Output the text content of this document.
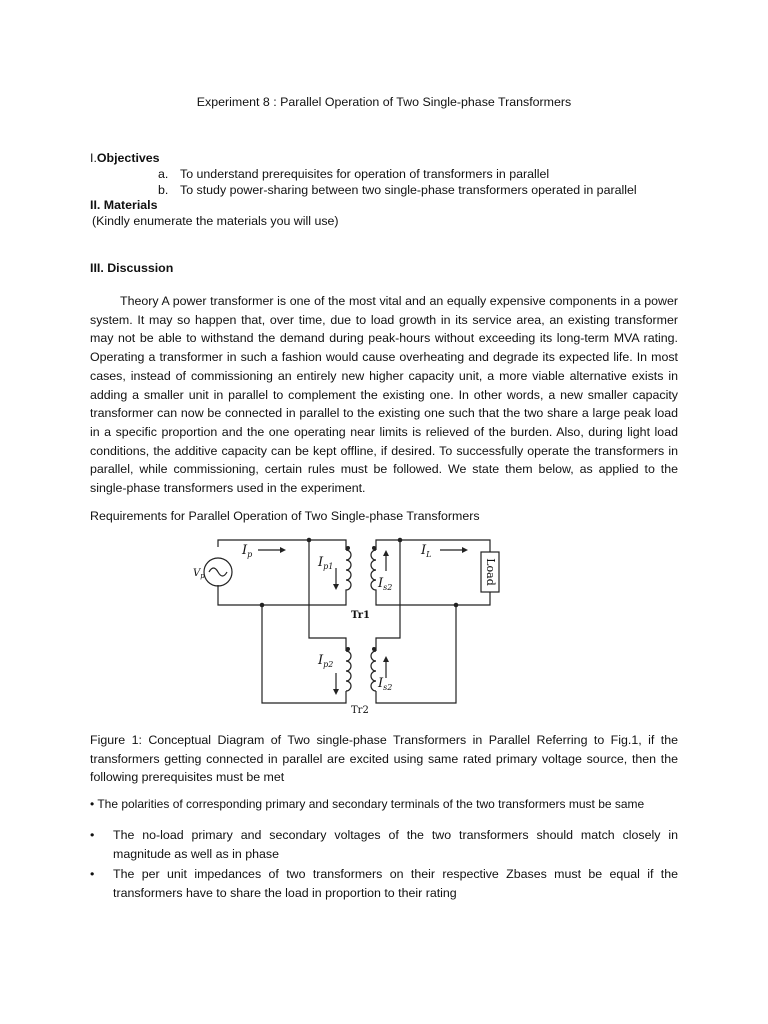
Experiment 8 : Parallel Operation of Two Single-phase Transformers
I.Objectives
a. To understand prerequisites for operation of transformers in parallel
b. To study power-sharing between two single-phase transformers operated in parallel
II. Materials
(Kindly enumerate the materials you will use)
III. Discussion
Theory A power transformer is one of the most vital and an equally expensive components in a power system. It may so happen that, over time, due to load growth in its service area, an existing transformer may not be able to withstand the demand during peak-hours without exceeding its long-term MVA rating. Operating a transformer in such a fashion would cause overheating and degrade its expected life. In most cases, instead of commissioning an entirely new higher capacity unit, a more viable alternative exists in adding a smaller unit in parallel to complement the existing one. In other words, a new smaller capacity transformer can now be connected in parallel to the existing one such that the two share a large peak load in a specific proportion and the one operating near limits is relieved of the burden. Also, during light load conditions, the additive capacity can be kept offline, if desired. To successfully operate the transformers in parallel, while commissioning, certain rules must be followed. We state them below, as applied to the single-phase transformers used in the experiment.
Requirements for Parallel Operation of Two Single-phase Transformers
$I_p$
$V_p$
$I_{p1}$
$I_{s2}$
$I_L$
$I_{p2}$
$I_{s2}$
Load
Tr1
Tr2
Figure 1: Conceptual Diagram of Two single-phase Transformers in Parallel Referring to Fig.1, if the transformers getting connected in parallel are excited using same rated primary voltage source, then the following prerequisites must be met
• The polarities of corresponding primary and secondary terminals of the two transformers must be same
• The no-load primary and secondary voltages of the two transformers should match closely in magnitude as well as in phase
• The per unit impedances of two transformers on their respective Zbases must be equal if the transformers have to share the load in proportion to their rating
